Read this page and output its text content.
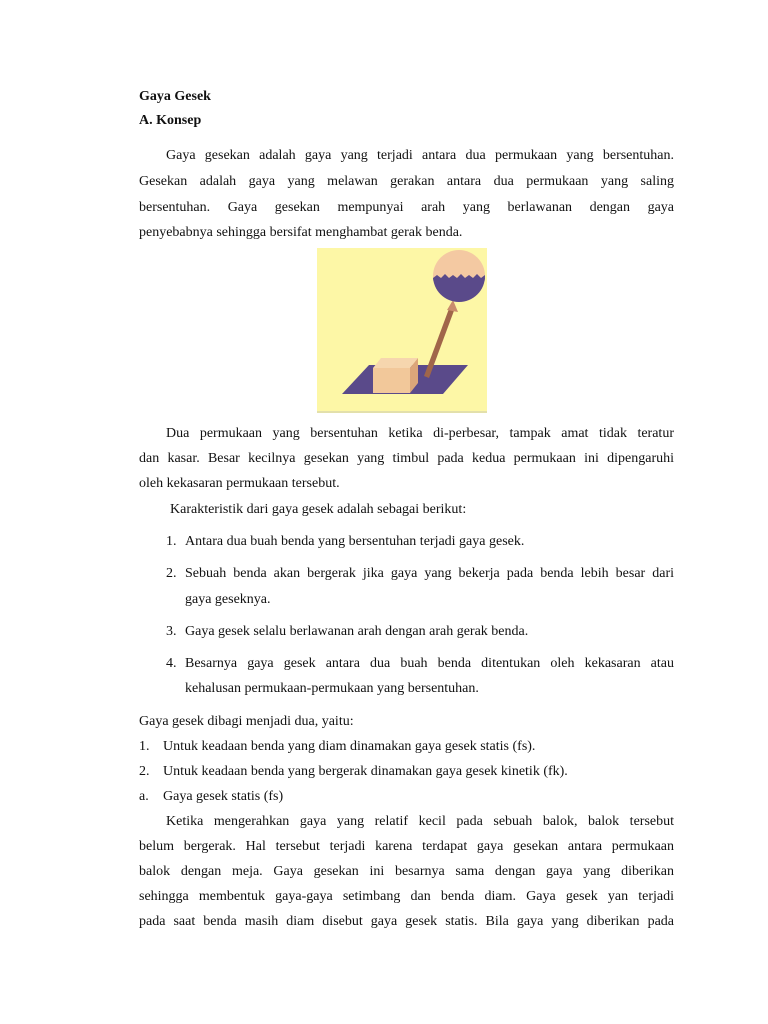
Gaya Gesek
A. Konsep
Gaya gesekan adalah gaya yang terjadi antara dua permukaan yang bersentuhan.
Gesekan adalah gaya yang melawan gerakan antara dua permukaan yang saling
bersentuhan. Gaya gesekan mempunyai arah yang berlawanan dengan gaya
penyebabnya sehingga bersifat menghambat gerak benda.
Dua permukaan yang bersentuhan ketika di-perbesar, tampak amat tidak teratur
dan kasar. Besar kecilnya gesekan yang timbul pada kedua permukaan ini dipengaruhi
oleh kekasaran permukaan tersebut.
Karakteristik dari gaya gesek adalah sebagai berikut:
1. Antara dua buah benda yang bersentuhan terjadi gaya gesek.
2. Sebuah benda akan bergerak jika gaya yang bekerja pada benda lebih besar dari
gaya geseknya.
3. Gaya gesek selalu berlawanan arah dengan arah gerak benda.
4. Besarnya gaya gesek antara dua buah benda ditentukan oleh kekasaran atau
kehalusan permukaan-permukaan yang bersentuhan.
Gaya gesek dibagi menjadi dua, yaitu:
1. Untuk keadaan benda yang diam dinamakan gaya gesek statis (fs).
2. Untuk keadaan benda yang bergerak dinamakan gaya gesek kinetik (fk).
a. Gaya gesek statis (fs)
Ketika mengerahkan gaya yang relatif kecil pada sebuah balok, balok tersebut
belum bergerak. Hal tersebut terjadi karena terdapat gaya gesekan antara permukaan
balok dengan meja. Gaya gesekan ini besarnya sama dengan gaya yang diberikan
sehingga membentuk gaya-gaya setimbang dan benda diam. Gaya gesek yan terjadi
pada saat benda masih diam disebut gaya gesek statis. Bila gaya yang diberikan pada
